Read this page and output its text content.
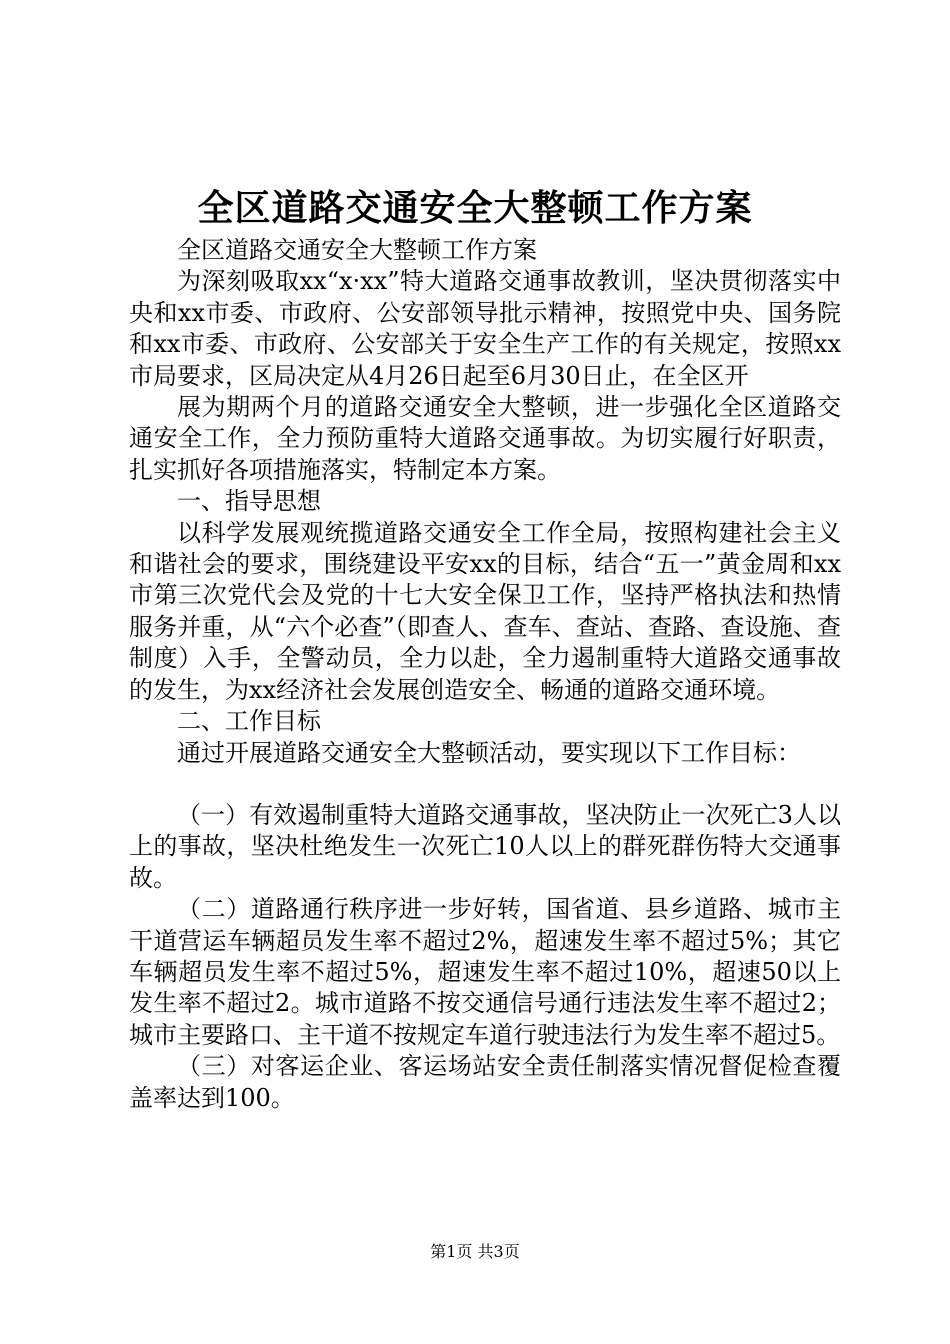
全区道路交通安全大整顿工作方案

全区道路交通安全大整顿工作方案

为深刻吸取xx“x·xx”特大道路交通事故教训，坚决贯彻落实中央和xx市委、市政府、公安部领导批示精神，按照党中央、国务院和xx市委、市政府、公安部关于安全生产工作的有关规定，按照xx市局要求，区局决定从4月26日起至6月30日止，在全区开

展为期两个月的道路交通安全大整顿，进一步强化全区道路交通安全工作，全力预防重特大道路交通事故。为切实履行好职责，扎实抓好各项措施落实，特制定本方案。

一、指导思想

以科学发展观统揽道路交通安全工作全局，按照构建社会主义和谐社会的要求，围绕建设平安xx的目标，结合“五一”黄金周和xx市第三次党代会及党的十七大安全保卫工作，坚持严格执法和热情服务并重，从“六个必查”（即查人、查车、查站、查路、查设施、查制度）入手，全警动员，全力以赴，全力遏制重特大道路交通事故的发生，为xx经济社会发展创造安全、畅通的道路交通环境。

二、工作目标

通过开展道路交通安全大整顿活动，要实现以下工作目标：

（一）有效遏制重特大道路交通事故，坚决防止一次死亡3人以上的事故，坚决杜绝发生一次死亡10人以上的群死群伤特大交通事故。

（二）道路通行秩序进一步好转，国省道、县乡道路、城市主干道营运车辆超员发生率不超过2%，超速发生率不超过5%；其它车辆超员发生率不超过5%，超速发生率不超过10%，超速50以上发生率不超过2。城市道路不按交通信号通行违法发生率不超过2；城市主要路口、主干道不按规定车道行驶违法行为发生率不超过5。

（三）对客运企业、客运场站安全责任制落实情况督促检查覆盖率达到100。

第1页 共3页
